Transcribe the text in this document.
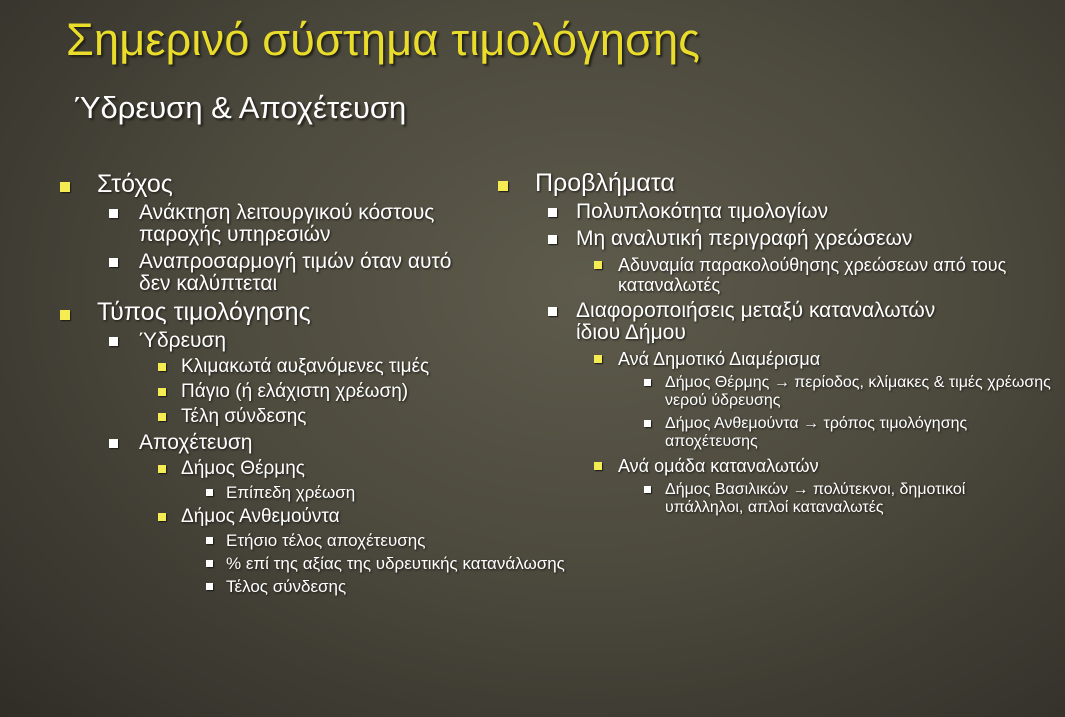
Σημερινό σύστημα τιμολόγησης
Ύδρευση & Αποχέτευση
Στόχος
Ανάκτηση λειτουργικού κόστους παροχής υπηρεσιών
Αναπροσαρμογή τιμών όταν αυτό δεν καλύπτεται
Τύπος τιμολόγησης
Ύδρευση
Κλιμακωτά αυξανόμενες τιμές
Πάγιο (ή ελάχιστη χρέωση)
Τέλη σύνδεσης
Αποχέτευση
Δήμος Θέρμης
Επίπεδη χρέωση
Δήμος Ανθεμούντα
Ετήσιο τέλος αποχέτευσης
% επί της αξίας της υδρευτικής κατανάλωσης
Τέλος σύνδεσης
Προβλήματα
Πολυπλοκότητα τιμολογίων
Μη αναλυτική περιγραφή χρεώσεων
Αδυναμία παρακολούθησης χρεώσεων από τους καταναλωτές
Διαφοροποιήσεις μεταξύ καταναλωτών ίδιου Δήμου
Ανά Δημοτικό Διαμέρισμα
Δήμος Θέρμης → περίοδος, κλίμακες & τιμές χρέωσης νερού ύδρευσης
Δήμος Ανθεμούντα → τρόπος τιμολόγησης αποχέτευσης
Ανά ομάδα καταναλωτών
Δήμος Βασιλικών → πολύτεκνοι, δημοτικοί υπάλληλοι, απλοί καταναλωτές
